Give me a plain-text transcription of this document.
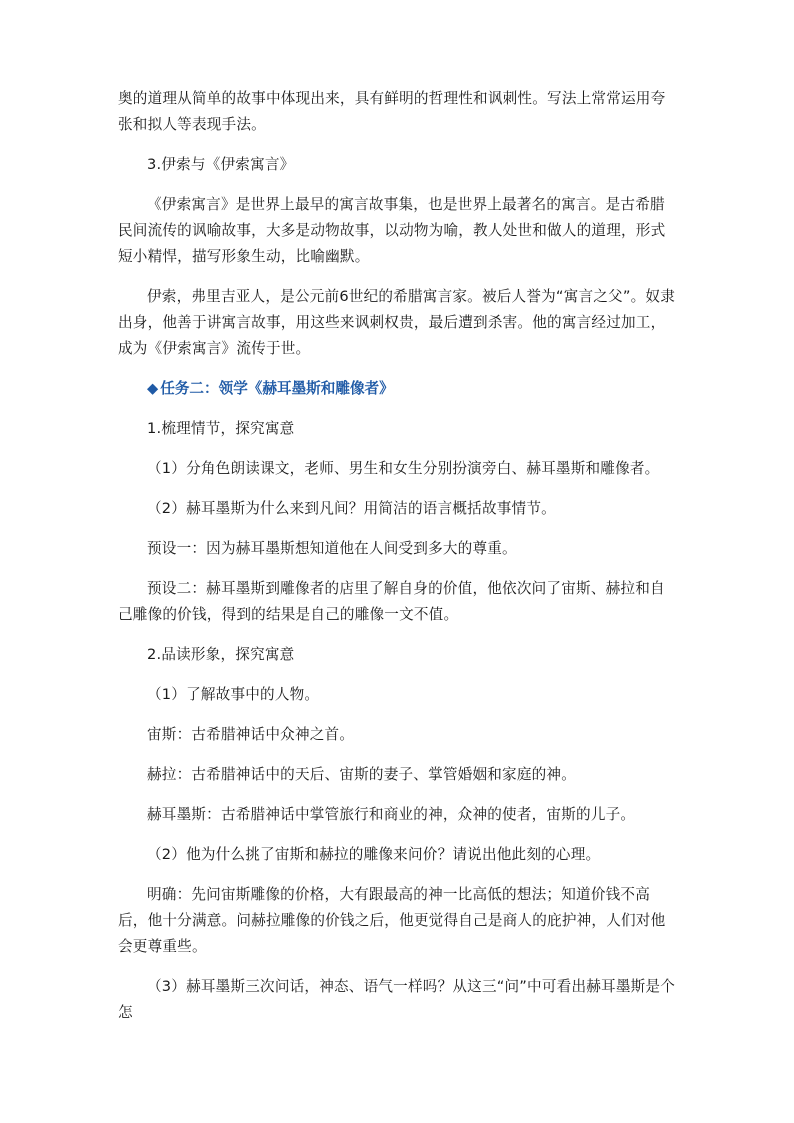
奥的道理从简单的故事中体现出来，具有鲜明的哲理性和讽刺性。写法上常常运用夸张和拟人等表现手法。

3.伊索与《伊索寓言》

《伊索寓言》是世界上最早的寓言故事集，也是世界上最著名的寓言。是古希腊民间流传的讽喻故事，大多是动物故事，以动物为喻，教人处世和做人的道理，形式短小精悍，描写形象生动，比喻幽默。

伊索，弗里吉亚人，是公元前6世纪的希腊寓言家。被后人誉为“寓言之父”。奴隶出身，他善于讲寓言故事，用这些来讽刺权贵，最后遭到杀害。他的寓言经过加工，成为《伊索寓言》流传于世。

◆ 任务二：领学《赫耳墨斯和雕像者》

1.梳理情节，探究寓意

（1）分角色朗读课文，老师、男生和女生分别扮演旁白、赫耳墨斯和雕像者。

（2）赫耳墨斯为什么来到凡间？用简洁的语言概括故事情节。

预设一：因为赫耳墨斯想知道他在人间受到多大的尊重。

预设二：赫耳墨斯到雕像者的店里了解自身的价值，他依次问了宙斯、赫拉和自己雕像的价钱，得到的结果是自己的雕像一文不值。

2.品读形象，探究寓意

（1）了解故事中的人物。

宙斯：古希腊神话中众神之首。

赫拉：古希腊神话中的天后、宙斯的妻子、掌管婚姻和家庭的神。

赫耳墨斯：古希腊神话中掌管旅行和商业的神，众神的使者，宙斯的儿子。

（2）他为什么挑了宙斯和赫拉的雕像来问价？请说出他此刻的心理。

明确：先问宙斯雕像的价格，大有跟最高的神一比高低的想法；知道价钱不高后，他十分满意。问赫拉雕像的价钱之后，他更觉得自己是商人的庇护神，人们对他会更尊重些。

（3）赫耳墨斯三次问话，神态、语气一样吗？从这三“问”中可看出赫耳墨斯是个怎
